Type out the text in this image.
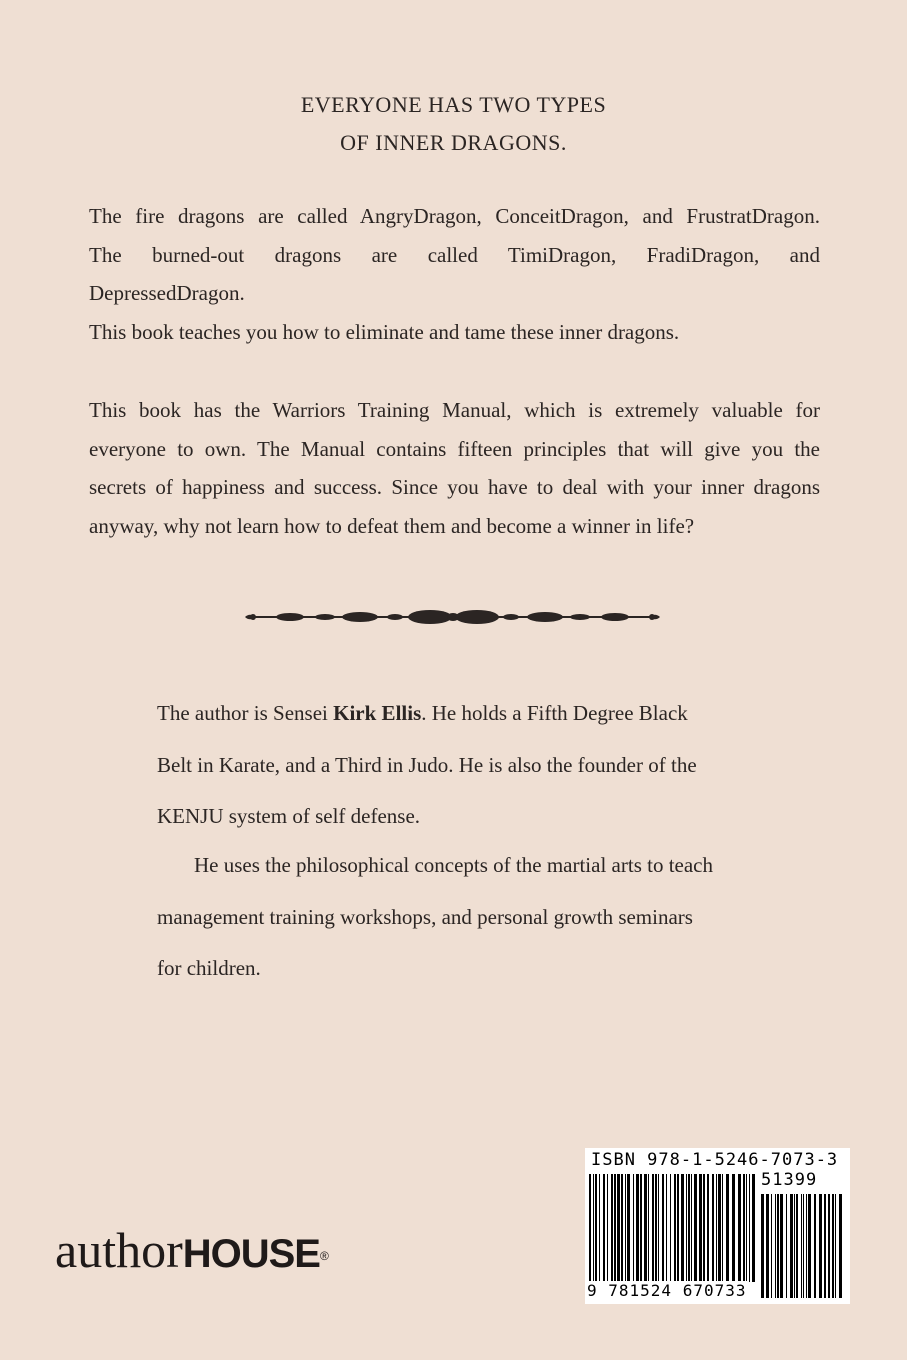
EVERYONE HAS TWO TYPES
OF INNER DRAGONS.
The fire dragons are called AngryDragon, ConceitDragon, and FrustratDragon.
The burned-out dragons are called TimiDragon, FradiDragon, and
DepressedDragon.
This book teaches you how to eliminate and tame these inner dragons.
This book has the Warriors Training Manual, which is extremely valuable for
everyone to own. The Manual contains fifteen principles that will give you the
secrets of happiness and success. Since you have to deal with your inner dragons
anyway, why not learn how to defeat them and become a winner in life?
The author is Sensei Kirk Ellis. He holds a Fifth Degree Black
Belt in Karate, and a Third in Judo. He is also the founder of the
KENJU system of self defense.
He uses the philosophical concepts of the martial arts to teach
management training workshops, and personal growth seminars
for children.
authorHOUSE®
ISBN 978-1-5246-7073-3
51399
9 781524 670733
